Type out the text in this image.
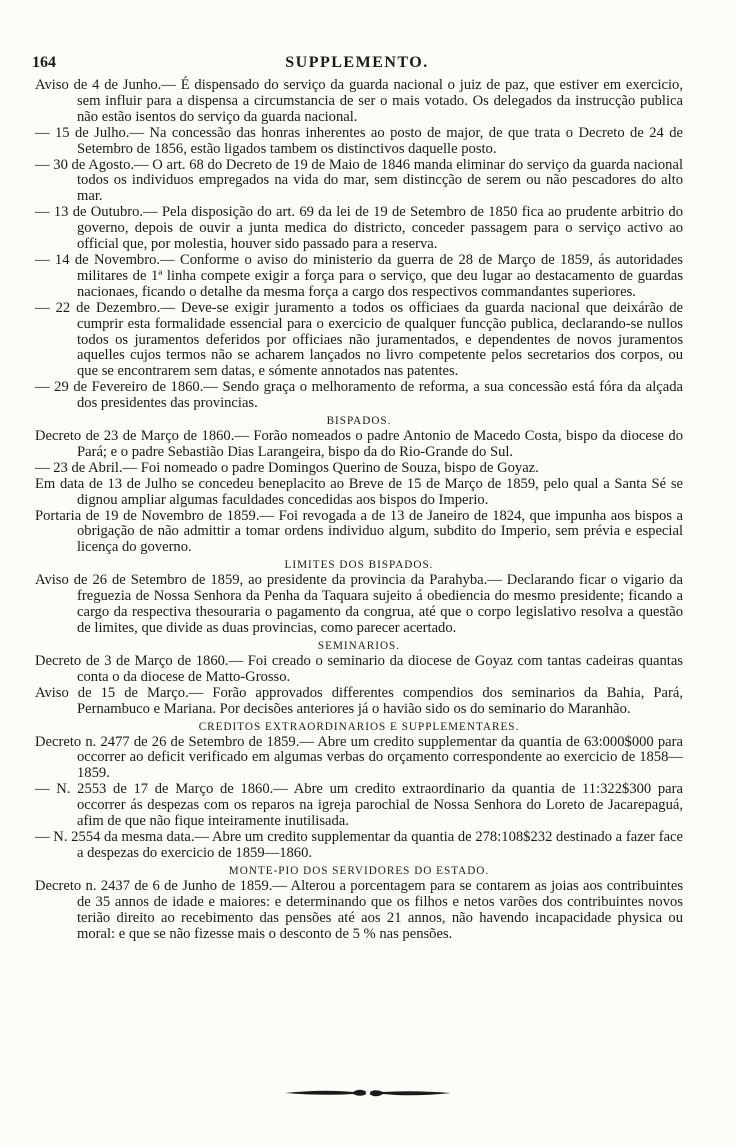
164	SUPPLEMENTO.

Aviso de 4 de Junho.— É dispensado do serviço da guarda nacional o juiz de paz, que estiver em exercicio, sem influir para a dispensa a circumstancia de ser o mais votado. Os delegados da instrucção publica não estão isentos do serviço da guarda nacional.

— 15 de Julho.— Na concessão das honras inherentes ao posto de major, de que trata o Decreto de 24 de Setembro de 1856, estão ligados tambem os distinctivos daquelle posto.

— 30 de Agosto.— O art. 68 do Decreto de 19 de Maio de 1846 manda eliminar do serviço da guarda nacional todos os individuos empregados na vida do mar, sem distincção de serem ou não pescadores do alto mar.

— 13 de Outubro.— Pela disposição do art. 69 da lei de 19 de Setembro de 1850 fica ao prudente arbitrio do governo, depois de ouvir a junta medica do districto, conceder passagem para o serviço activo ao official que, por molestia, houver sido passado para a reserva.

— 14 de Novembro.— Conforme o aviso do ministerio da guerra de 28 de Março de 1859, ás autoridades militares de 1ª linha compete exigir a força para o serviço, que deu lugar ao destacamento de guardas nacionaes, ficando o detalhe da mesma força a cargo dos respectivos commandantes superiores.

— 22 de Dezembro.— Deve-se exigir juramento a todos os officiaes da guarda nacional que deixárão de cumprir esta formalidade essencial para o exercicio de qualquer funcção publica, declarando-se nullos todos os juramentos deferidos por officiaes não juramentados, e dependentes de novos juramentos aquelles cujos termos não se acharem lançados no livro competente pelos secretarios dos corpos, ou que se encontrarem sem datas, e sómente annotados nas patentes.

— 29 de Fevereiro de 1860.— Sendo graça o melhoramento de reforma, a sua concessão está fóra da alçada dos presidentes das provincias.

BISPADOS.

Decreto de 23 de Março de 1860.— Forão nomeados o padre Antonio de Macedo Costa, bispo da diocese do Pará; e o padre Sebastião Dias Larangeira, bispo da do Rio-Grande do Sul.

— 23 de Abril.— Foi nomeado o padre Domingos Querino de Souza, bispo de Goyaz.

Em data de 13 de Julho se concedeu beneplacito ao Breve de 15 de Março de 1859, pelo qual a Santa Sé se dignou ampliar algumas faculdades concedidas aos bispos do Imperio.

Portaria de 19 de Novembro de 1859.— Foi revogada a de 13 de Janeiro de 1824, que impunha aos bispos a obrigação de não admittir a tomar ordens individuo algum, subdito do Imperio, sem prévia e especial licença do governo.

LIMITES DOS BISPADOS.

Aviso de 26 de Setembro de 1859, ao presidente da provincia da Parahyba.— Declarando ficar o vigario da freguezia de Nossa Senhora da Penha da Taquara sujeito á obediencia do mesmo presidente; ficando a cargo da respectiva thesouraria o pagamento da congrua, até que o corpo legislativo resolva a questão de limites, que divide as duas provincias, como parecer acertado.

SEMINARIOS.

Decreto de 3 de Março de 1860.— Foi creado o seminario da diocese de Goyaz com tantas cadeiras quantas conta o da diocese de Matto-Grosso.

Aviso de 15 de Março.— Forão approvados differentes compendios dos seminarios da Bahia, Pará, Pernambuco e Mariana. Por decisões anteriores já o havião sido os do seminario do Maranhão.

CREDITOS EXTRAORDINARIOS E SUPPLEMENTARES.

Decreto n. 2477 de 26 de Setembro de 1859.— Abre um credito supplementar da quantia de 63:000$000 para occorrer ao deficit verificado em algumas verbas do orçamento correspondente ao exercicio de 1858—1859.

— N. 2553 de 17 de Março de 1860.— Abre um credito extraordinario da quantia de 11:322$300 para occorrer ás despezas com os reparos na igreja parochial de Nossa Senhora do Loreto de Jacarepaguá, afim de que não fique inteiramente inutilisada.

— N. 2554 da mesma data.— Abre um credito supplementar da quantia de 278:108$232 destinado a fazer face a despezas do exercicio de 1859—1860.

MONTE-PIO DOS SERVIDORES DO ESTADO.

Decreto n. 2437 de 6 de Junho de 1859.— Alterou a porcentagem para se contarem as joias aos contribuintes de 35 annos de idade e maiores: e determinando que os filhos e netos varões dos contribuintes novos terião direito ao recebimento das pensões até aos 21 annos, não havendo incapacidade physica ou moral: e que se não fizesse mais o desconto de 5 % nas pensões.
